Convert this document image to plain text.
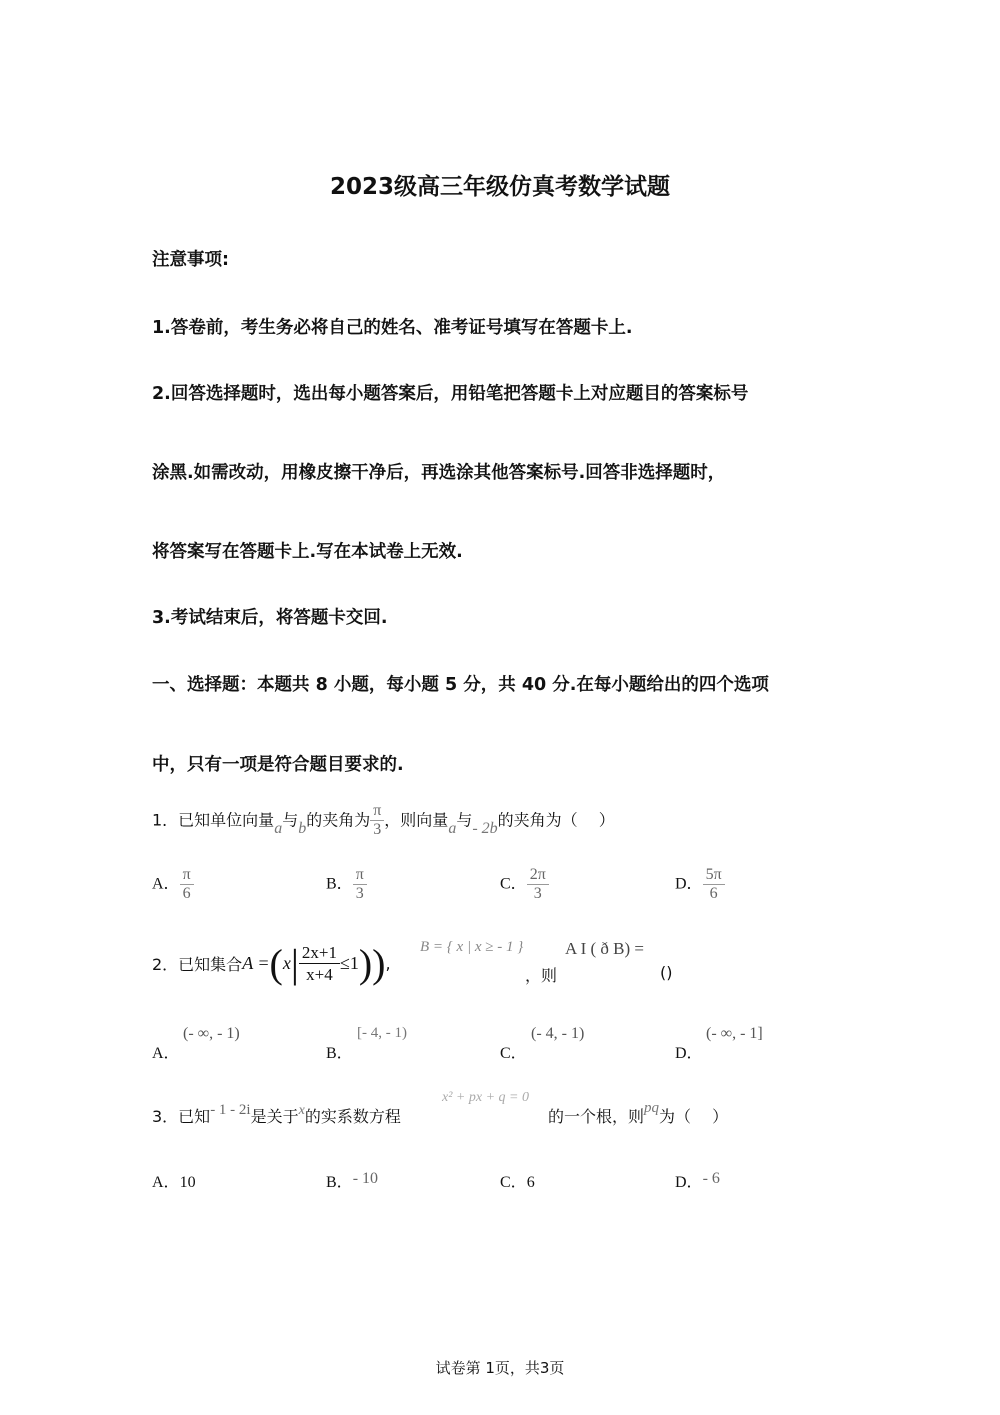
2023级高三年级仿真考数学试题
注意事项:
1.答卷前，考生务必将自己的姓名、准考证号填写在答题卡上.
2.回答选择题时，选出每小题答案后，用铅笔把答题卡上对应题目的答案标号
涂黑.如需改动，用橡皮擦干净后，再选涂其他答案标号.回答非选择题时，
将答案写在答题卡上.写在本试卷上无效.
3.考试结束后，将答题卡交回.
一、选择题：本题共 8 小题，每小题 5 分，共 40 分.在每小题给出的四个选项
中，只有一项是符合题目要求的.
1．已知单位向量a与b的夹角为 $\frac{\pi}{3}$ ，则向量a与- 2b的夹角为（　 ）
A． $\frac{\pi}{6}$	B． $\frac{\pi}{3}$	C． $\frac{2\pi}{3}$	D． $\frac{5\pi}{6}$
2．已知集合$A =(x| \frac{2x+1}{x+4} \le 1)$),
B = { x | x ≥ - 1 }
，则
A I ( ð B) =
()
A．
(- ∞, - 1)
B．
[- 4, - 1)
C．
(- 4, - 1)
D．
(- ∞, - 1]
3．已知- 1 - 2i是关于x的实系数方程
x² + px + q = 0
的一个根，则pq为（　 ）
A．10	B．- 10	C．6	D．- 6
试卷第 1页，共3页
